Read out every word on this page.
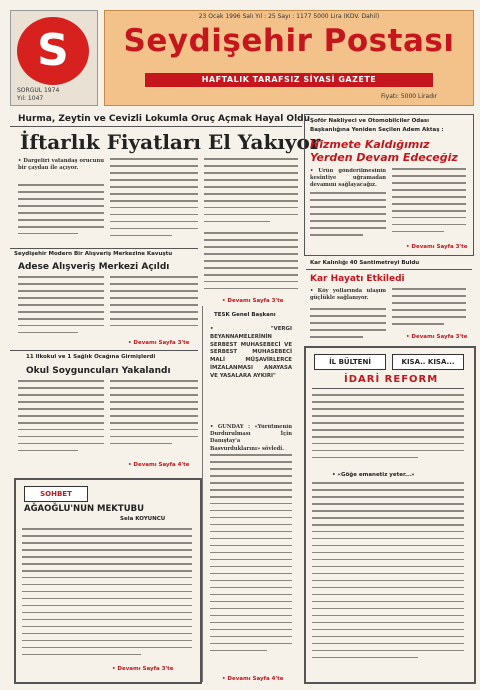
S
SORGUL 1974
Yıl: 1047
23 Ocak 1996 Salı Yıl : 25 Sayı : 1177 5000 Lira (KDV. Dahil)
Seydişehir Postası
HAFTALIK TARAFSIZ SİYASİ GAZETE
Fiyatı: 5000 Liradır
Hurma, Zeytin ve Cevizli Lokumla Oruç Açmak Hayal Oldu
İftarlık Fiyatları El Yakıyor
• Dargeliri vatandaş orucunu bir çaydan ile açıyor.
• Devamı Sayfa 3'te
Seydişehir Modern Bir Alışveriş Merkezine Kavuştu
Adese Alışveriş Merkezi Açıldı
• Devamı Sayfa 3'te
11 Ilkokul ve 1 Sağlık Ocağına Girmişlerdi
Okul Soyguncuları Yakalandı
• Devamı Sayfa 4'te
SOHBET
AĞAOĞLU'NUN MEKTUBU
Sela KOYUNCU
• Devamı Sayfa 3'te
TESK Genel Başkanı
• "VERGİ BEYANNAMELERİNİN SERBEST MUHASEBECİ VE SERBEST MUHASEBECİ MALİ MÜŞAVİRLERCE İMZALANMASI ANAYASA VE YASALARA AYKIRI"
• GÜNDAY : «Yürütmenin Durdurulması İçin Danıştay'a Başvurduklarını» söyledi.
• Devamı Sayfa 4'te
Şoför Nakliyeci ve Otomobilciler Odası
Başkanlığına Yeniden Seçilen Adem Aktaş :
Hizmete Kaldığımız Yerden Devam Edeceğiz
• Ürün gönderilmesinin kesintiye uğramadan devamını sağlayacağız.
• Devamı Sayfa 3'te
Kar Kalınlığı 40 Santimetreyi Buldu
Kar Hayatı Etkiledi
• Köy yollarında ulaşım güçlükle sağlanıyor.
• Devamı Sayfa 3'te
İL BÜLTENİ	KISA.. KISA...
İDARİ REFORM
• «Göğe emanetiz yeter...»
